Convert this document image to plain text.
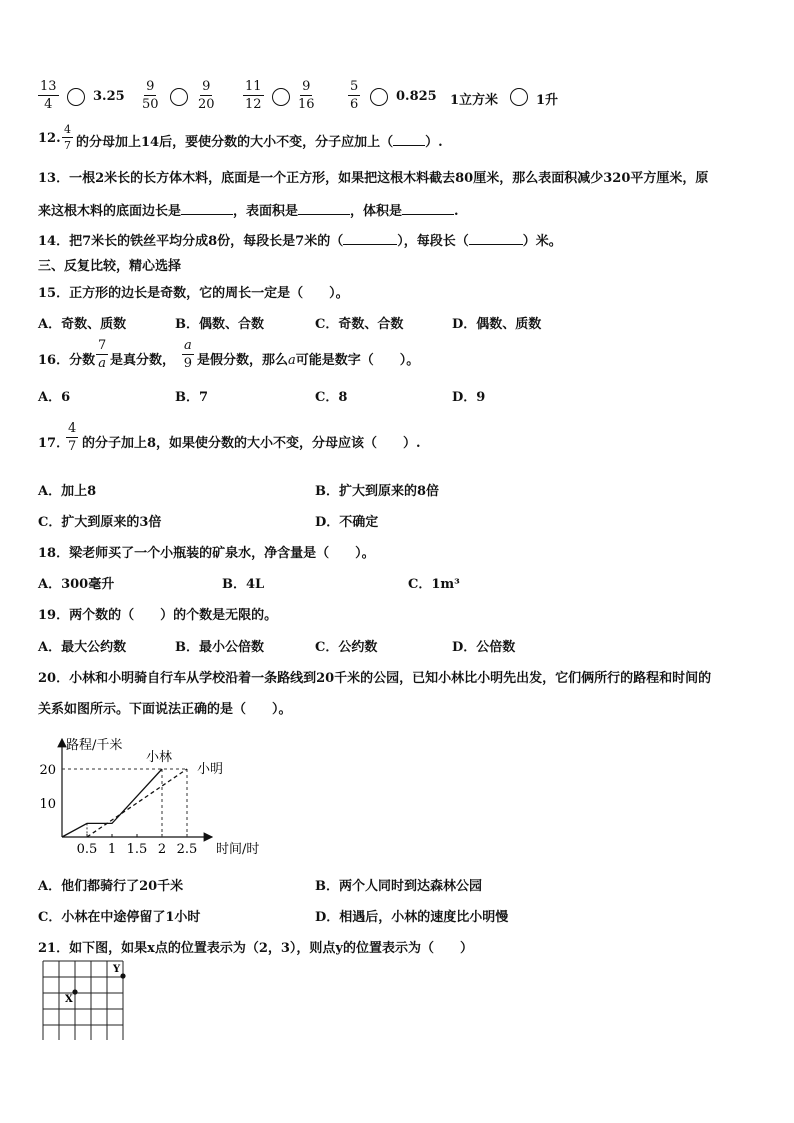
$\frac{13}{4}$	$3.25 \frac{9}{50}$	$\frac{9}{20} \frac{11}{12}$	$\frac{9}{16}$	$\frac{5}{6}$	0.825 1立方米	1升
12. $\frac{4}{7}$ 的分母加上14后，要使分数的大小不变，分子应加上（ ）.
13．一根2米长的长方体木料，底面是一个正方形，如果把这根木料截去80厘米，那么表面积减少320平方厘米，原
来这根木料的底面边长是	，表面积是	，体积是	.
14．把7米长的铁丝平均分成8份，每段长是7米的（	），每段长（	）米。
三、反复比较，精心选择
15．正方形的边长是奇数，它的周长一定是（　　）。
A．奇数、质数	B．偶数、合数	C．奇数、合数	D．偶数、质数
16．分数 $\frac{7}{a}$ 是真分数， $\frac{a}{9}$ 是假分数，那么a可能是数字（　　）。
A．6	B．7	C．8	D．9
17．
$\frac{4}{7}$ 的分子加上8，如果使分数的大小不变，分母应该（　　）.
A．加上8	B．扩大到原来的8倍
C．扩大到原来的3倍	D．不确定
18．梁老师买了一个小瓶装的矿泉水，净含量是（　　）。
A．300毫升	B．4L	C．1m³
19．两个数的（　　）的个数是无限的。
A．最大公约数	B．最小公倍数	C．公约数	D．公倍数
20．小林和小明骑自行车从学校沿着一条路线到20千米的公园，已知小林比小明先出发，它们俩所行的路程和时间的
关系如图所示。下面说法正确的是（　　）。
路程/千米
时间/时
0.5 1 1.5 2 2.5
10
20
小林
小明
A．他们都骑行了20千米	B．两个人同时到达森林公园
C．小林在中途停留了1小时	D．相遇后，小林的速度比小明慢
21．如下图，如果x点的位置表示为（2，3），则点y的位置表示为（　　）
X
Y
